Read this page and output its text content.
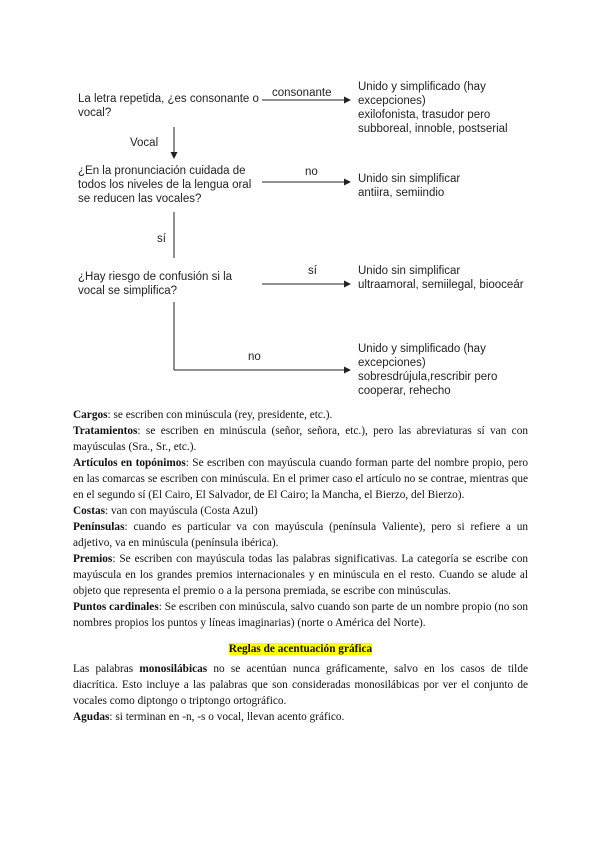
La letra repetida, ¿es consonante o
vocal?
consonante Unido y simplificado (hay
excepciones)
exilofonista, trasudor pero
subboreal, innoble, postserial
Vocal
¿En la pronunciación cuidada de
todos los niveles de la lengua oral
se reducen las vocales?
no
Unido sin simplificar
antiira, semiindio
sí
¿Hay riesgo de confusión si la
vocal se simplifica?
sí	Unido sin simplificar
ultraamoral, semiilegal, biooceár
no
Unido y simplificado (hay
excepciones)
sobresdrújula,rescribir pero
cooperar, rehecho

Cargos: se escriben con minúscula (rey, presidente, etc.).

Tratamientos: se escriben en minúscula (señor, señora, etc.), pero las abreviaturas sí van con mayúsculas (Sra., Sr., etc.).

Artículos en topónimos: Se escriben con mayúscula cuando forman parte del nombre propio, pero en las comarcas se escriben con minúscula. En el primer caso el artículo no se contrae, mientras que en el segundo sí (El Cairo, El Salvador, de El Cairo; la Mancha, el Bierzo, del Bierzo).

Costas: van con mayúscula (Costa Azul)

Penínsulas: cuando es particular va con mayúscula (península Valiente), pero si refiere a un adjetivo, va en minúscula (península ibérica).

Premios: Se escriben con mayúscula todas las palabras significativas. La categoría se escribe con mayúscula en los grandes premios internacionales y en minúscula en el resto. Cuando se alude al objeto que representa el premio o a la persona premiada, se escribe con minúsculas.

Puntos cardinales: Se escriben con minúscula, salvo cuando son parte de un nombre propio (no son nombres propios los puntos y líneas imaginarias) (norte o América del Norte).

Reglas de acentuación gráfica

Las palabras monosilábicas no se acentúan nunca gráficamente, salvo en los casos de tilde diacrítica. Esto incluye a las palabras que son consideradas monosilábicas por ver el conjunto de vocales como diptongo o triptongo ortográfico.

Agudas: si terminan en -n, -s o vocal, llevan acento gráfico.
